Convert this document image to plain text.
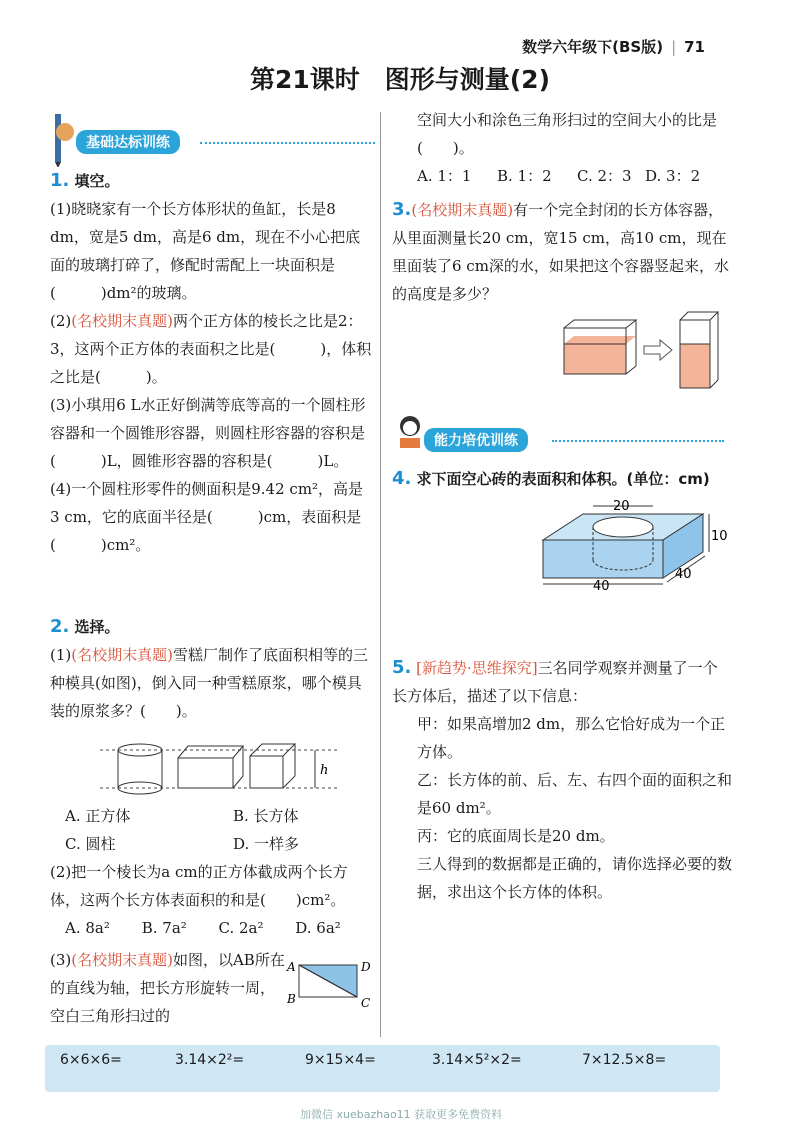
数学六年级下(BS版) | 71
第21课时　图形与测量(2)
基础达标训练
1. 填空。
(1)晓晓家有一个长方体形状的鱼缸，长是8 dm，宽是5 dm，高是6 dm，现在不小心把底面的玻璃打碎了，修配时需配上一块面积是(　　　)dm²的玻璃。
(2)(名校期末真题)两个正方体的棱长之比是2：3，这两个正方体的表面积之比是(　　　)，体积之比是(　　　)。
(3)小琪用6 L水正好倒满等底等高的一个圆柱形容器和一个圆锥形容器，则圆柱形容器的容积是(　　　)L，圆锥形容器的容积是(　　　)L。
(4)一个圆柱形零件的侧面积是9.42 cm²，高是3 cm，它的底面半径是(　　　)cm，表面积是(　　　)cm²。
2. 选择。
(1)(名校期末真题)雪糕厂制作了底面积相等的三种模具(如图)，倒入同一种雪糕原浆，哪个模具装的原浆多？(　　)。
h
A. 正方体	B. 长方体
C. 圆柱	D. 一样多
(2)把一个棱长为a cm的正方体截成两个长方体，这两个长方体表面积的和是(　　)cm²。
A. 8a²	B. 7a²	C. 2a²	D. 6a²
(3)(名校期末真题)如图，以AB所在的直线为轴，把长方形旋转一周，空白三角形扫过的
A	D
B	C
空间大小和涂色三角形扫过的空间大小的比是(　　)。
A. 1：1	B. 1：2	C. 2：3 D. 3：2
3.(名校期末真题)有一个完全封闭的长方体容器，从里面测量长20 cm，宽15 cm，高10 cm，现在里面装了6 cm深的水，如果把这个容器竖起来，水的高度是多少？
能力培优训练
4. 求下面空心砖的表面积和体积。(单位：cm)
20
10
40
40
5. [新趋势·思维探究]三名同学观察并测量了一个长方体后，描述了以下信息：
甲：如果高增加2 dm，那么它恰好成为一个正方体。
乙：长方体的前、后、左、右四个面的面积之和是60 dm²。
丙：它的底面周长是20 dm。
三人得到的数据都是正确的，请你选择必要的数据，求出这个长方体的体积。
6×6×6=	3.14×2²=	9×15×4=	3.14×5²×2=	7×12.5×8=
加微信 xuebazhao11 获取更多免费资料
